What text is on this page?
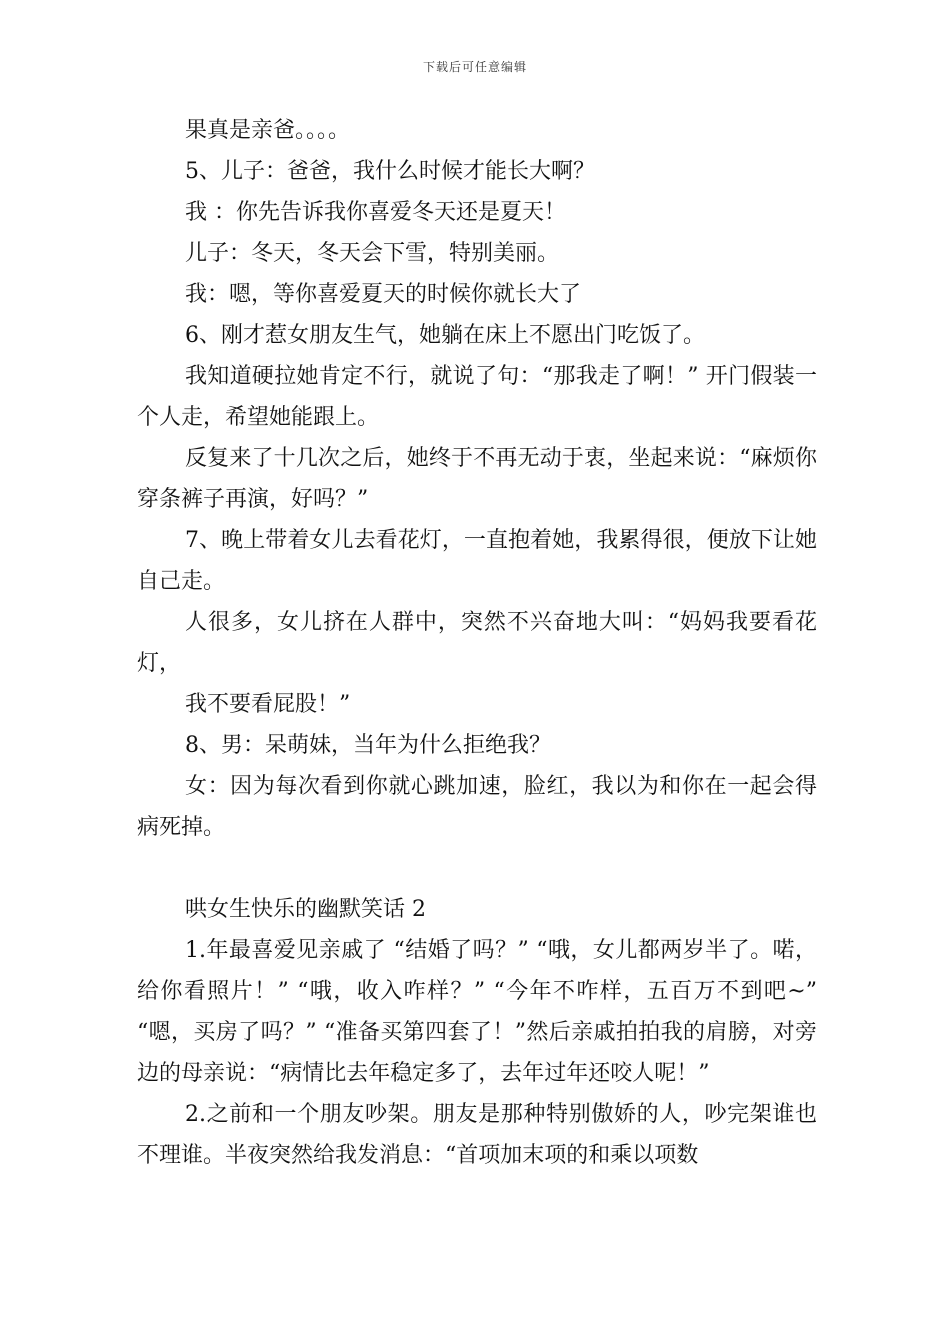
下载后可任意编辑

果真是亲爸。。。。

5、儿子：爸爸，我什么时候才能长大啊？

我 ：你先告诉我你喜爱冬天还是夏天！

儿子：冬天，冬天会下雪，特别美丽。

我：嗯，等你喜爱夏天的时候你就长大了

6、刚才惹女朋友生气，她躺在床上不愿出门吃饭了。

我知道硬拉她肯定不行，就说了句：“那我走了啊！” 开门假装一个人走，希望她能跟上。

反复来了十几次之后，她终于不再无动于衷，坐起来说：“麻烦你穿条裤子再演，好吗？”

7、晚上带着女儿去看花灯，一直抱着她，我累得很，便放下让她自己走。

人很多，女儿挤在人群中，突然不兴奋地大叫：“妈妈我要看花灯，

我不要看屁股！”

8、男：呆萌妹，当年为什么拒绝我？

女：因为每次看到你就心跳加速，脸红，我以为和你在一起会得病死掉。

哄女生快乐的幽默笑话 2

1.年最喜爱见亲戚了 “结婚了吗？” “哦，女儿都两岁半了。喏，给你看照片！” “哦，收入咋样？” “今年不咋样，五百万不到吧~” “嗯，买房了吗？” “准备买第四套了！”然后亲戚拍拍我的肩膀，对旁边的母亲说：“病情比去年稳定多了，去年过年还咬人呢！”

2.之前和一个朋友吵架。朋友是那种特别傲娇的人，吵完架谁也不理谁。半夜突然给我发消息：“首项加末项的和乘以项数
